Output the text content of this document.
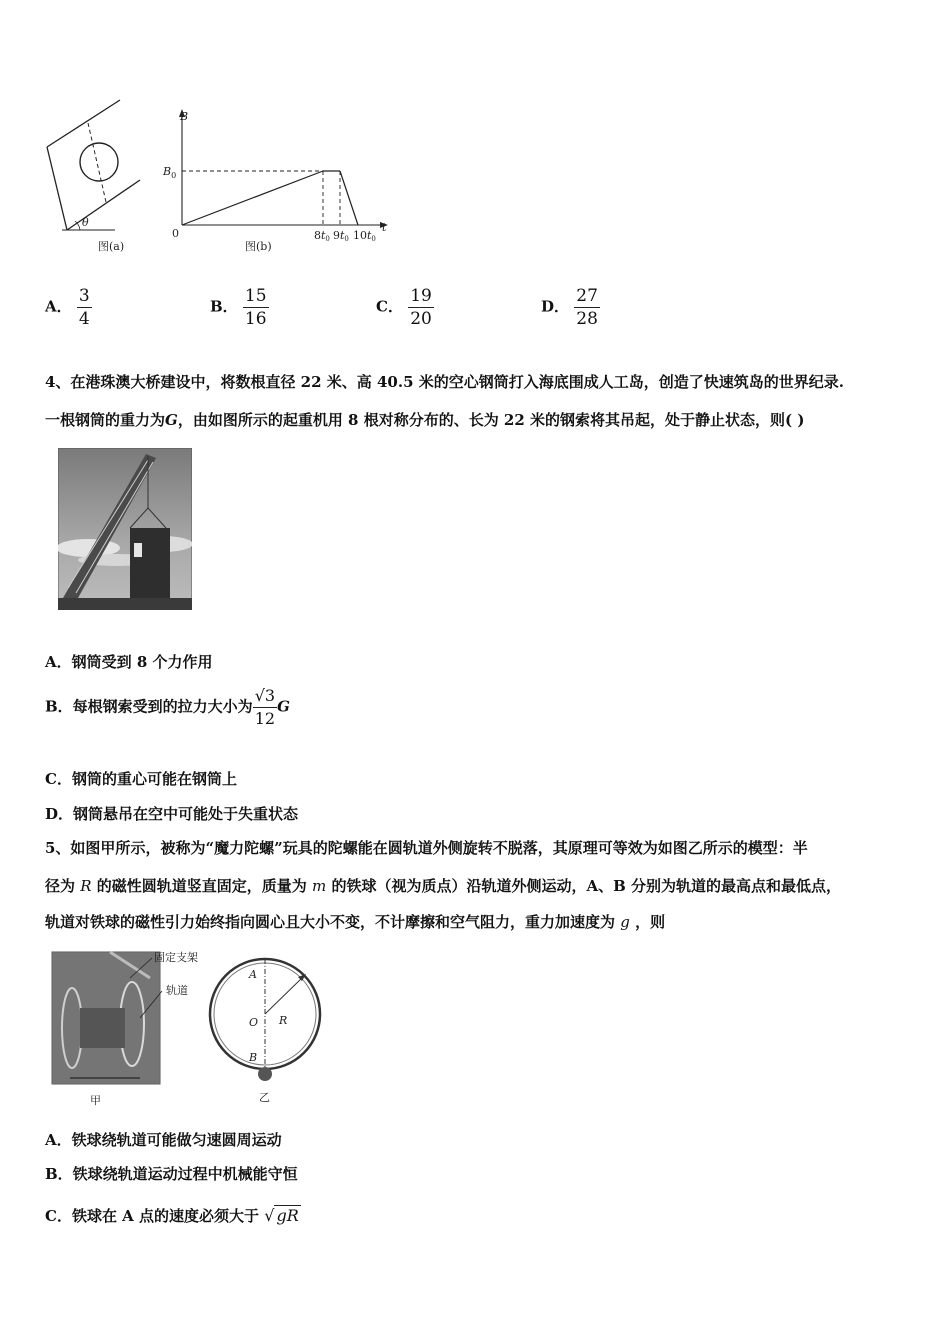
θ
图(a)
B
t
0
$B_0$
8t0 9t0 10t0
图(b)
A． $\frac{3}{4}$	B． $\frac{15}{16}$	C． $\frac{19}{20}$	D． $\frac{27}{28}$
4、在港珠澳大桥建设中，将数根直径 22 米、高 40.5 米的空心钢筒打入海底围成人工岛，创造了快速筑岛的世界纪录.
一根钢筒的重力为G，由如图所示的起重机用 8 根对称分布的、长为 22 米的钢索将其吊起，处于静止状态，则( )
A．钢筒受到 8 个力作用
B．每根钢索受到的拉力大小为 $\frac{√3}{12}$ G
C．钢筒的重心可能在钢筒上
D．钢筒悬吊在空中可能处于失重状态
5、如图甲所示，被称为“魔力陀螺”玩具的陀螺能在圆轨道外侧旋转不脱落，其原理可等效为如图乙所示的模型：半
径为 R 的磁性圆轨道竖直固定，质量为 m 的铁球（视为质点）沿轨道外侧运动，A、B 分别为轨道的最高点和最低点，
轨道对铁球的磁性引力始终指向圆心且大小不变，不计摩擦和空气阻力，重力加速度为 g ，则
甲
固定支架
轨道
A
O R
B
乙
A．铁球绕轨道可能做匀速圆周运动
B．铁球绕轨道运动过程中机械能守恒
C．铁球在 A 点的速度必须大于 √ gR
